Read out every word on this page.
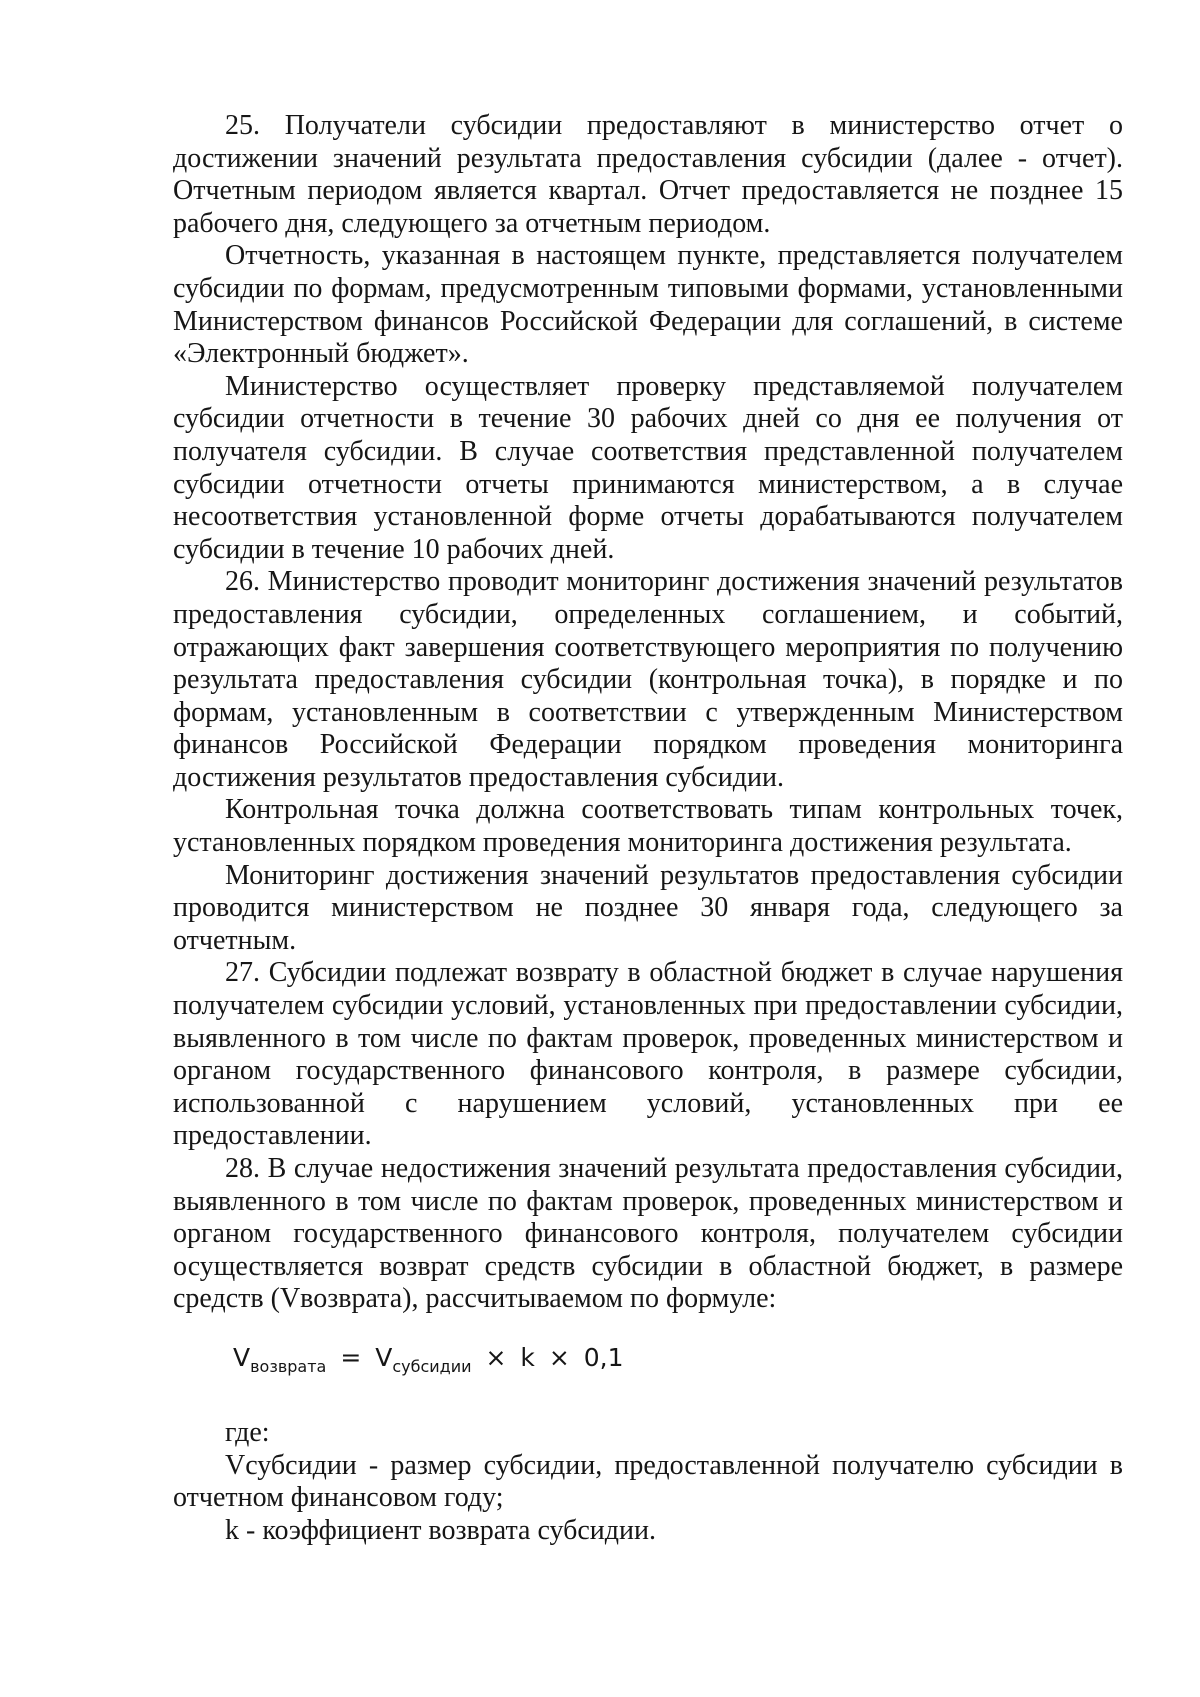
25. Получатели субсидии предоставляют в министерство отчет о достижении значений результата предоставления субсидии (далее - отчет). Отчетным периодом является квартал. Отчет предоставляется не позднее 15 рабочего дня, следующего за отчетным периодом.

Отчетность, указанная в настоящем пункте, представляется получателем субсидии по формам, предусмотренным типовыми формами, установленными Министерством финансов Российской Федерации для соглашений, в системе «Электронный бюджет».

Министерство осуществляет проверку представляемой получателем субсидии отчетности в течение 30 рабочих дней со дня ее получения от получателя субсидии. В случае соответствия представленной получателем субсидии отчетности отчеты принимаются министерством, а в случае несоответствия установленной форме отчеты дорабатываются получателем субсидии в течение 10 рабочих дней.

26. Министерство проводит мониторинг достижения значений результатов предоставления субсидии, определенных соглашением, и событий, отражающих факт завершения соответствующего мероприятия по получению результата предоставления субсидии (контрольная точка), в порядке и по формам, установленным в соответствии с утвержденным Министерством финансов Российской Федерации порядком проведения мониторинга достижения результатов предоставления субсидии.

Контрольная точка должна соответствовать типам контрольных точек, установленных порядком проведения мониторинга достижения результата.

Мониторинг достижения значений результатов предоставления субсидии проводится министерством не позднее 30 января года, следующего за отчетным.

27. Субсидии подлежат возврату в областной бюджет в случае нарушения получателем субсидии условий, установленных при предоставлении субсидии, выявленного в том числе по фактам проверок, проведенных министерством и органом государственного финансового контроля, в размере субсидии, использованной с нарушением условий, установленных при ее предоставлении.

28. В случае недостижения значений результата предоставления субсидии, выявленного в том числе по фактам проверок, проведенных министерством и органом государственного финансового контроля, получателем субсидии осуществляется возврат средств субсидии в областной бюджет, в размере средств (Vвозврата), рассчитываемом по формуле:

$V_{возврата} = V_{субсидии} \times k \times 0,1$

где:

Vсубсидии - размер субсидии, предоставленной получателю субсидии в отчетном финансовом году;

k - коэффициент возврата субсидии.
